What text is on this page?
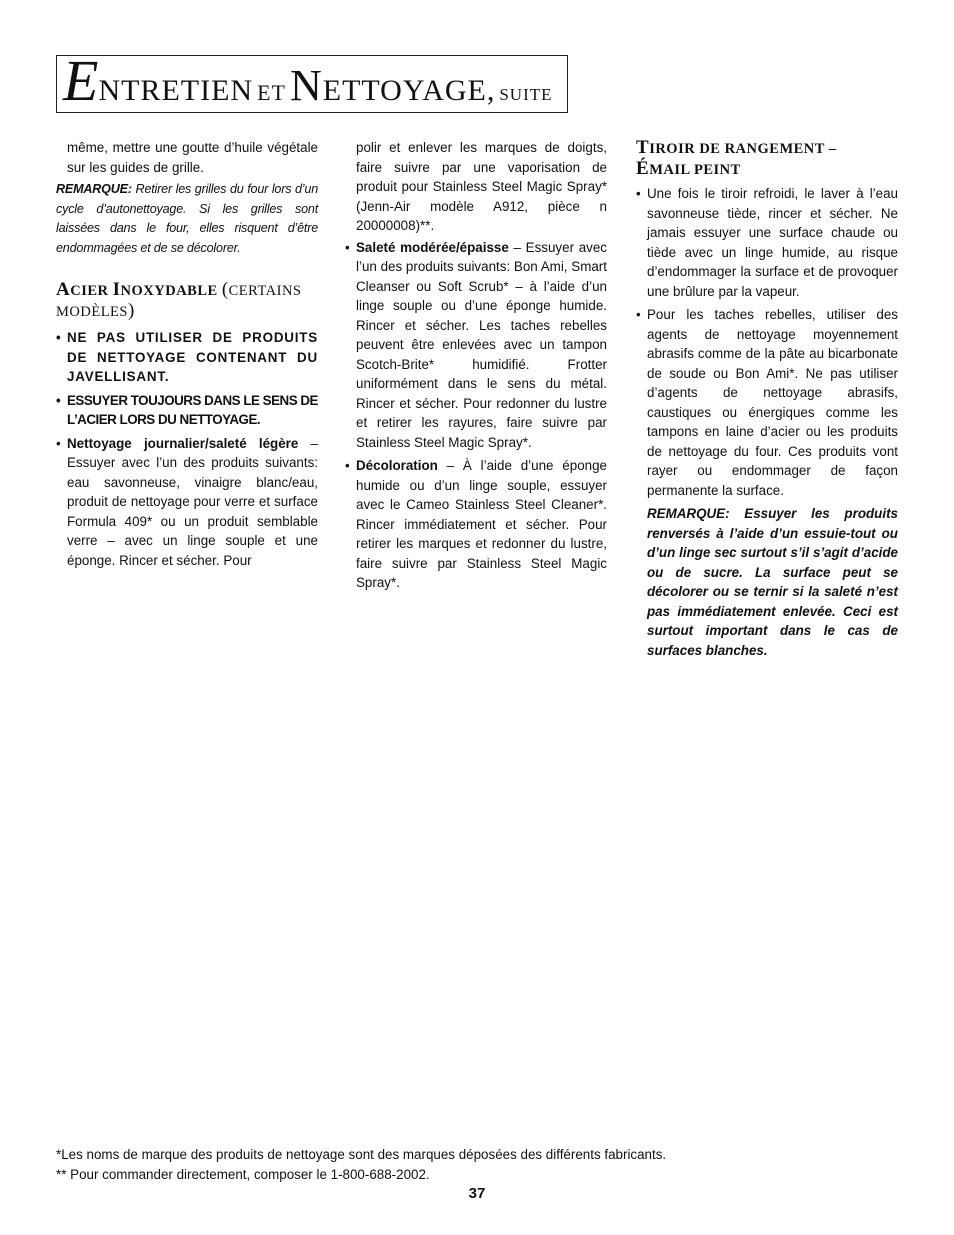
ENTRETIEN ET NETTOYAGE, SUITE

même, mettre une goutte d’huile végétale sur les guides de grille.

REMARQUE: Retirer les grilles du four lors d’un cycle d’autonettoyage. Si les grilles sont laissées dans le four, elles risquent d’être endommagées et de se décolorer.

ACIER INOXYDABLE (CERTAINS
MODÈLES)
• NE PAS UTILISER DE PRODUITS DE NETTOYAGE CONTENANT DU JAVELLISANT.
• ESSUYER TOUJOURS DANS LE SENS DE L’ACIER LORS DU NETTOYAGE.
• Nettoyage journalier/saleté légère – Essuyer avec l’un des produits suivants: eau savonneuse, vinaigre blanc/eau, produit de nettoyage pour verre et surface Formula 409* ou un produit semblable verre – avec un linge souple et une éponge. Rincer et sécher. Pour

polir et enlever les marques de doigts, faire suivre par une vaporisation de produit pour Stainless Steel Magic Spray* (Jenn-Air modèle A912, pièce n 20000008)**.

• Saleté modérée/épaisse – Essuyer avec l’un des produits suivants: Bon Ami, Smart Cleanser ou Soft Scrub* – à l’aide d’un linge souple ou d’une éponge humide. Rincer et sécher. Les taches rebelles peuvent être enlevées avec un tampon Scotch-Brite* humidifié. Frotter uniformément dans le sens du métal. Rincer et sécher. Pour redonner du lustre et retirer les rayures, faire suivre par Stainless Steel Magic Spray*.
• Décoloration – À l’aide d’une éponge humide ou d’un linge souple, essuyer avec le Cameo Stainless Steel Cleaner*. Rincer immédiatement et sécher. Pour retirer les marques et redonner du lustre, faire suivre par Stainless Steel Magic Spray*.
TIROIR DE RANGEMENT –
ÉMAIL PEINT
• Une fois le tiroir refroidi, le laver à l’eau savonneuse tiède, rincer et sécher. Ne jamais essuyer une surface chaude ou tiède avec un linge humide, au risque d’endommager la surface et de provoquer une brûlure par la vapeur.
• Pour les taches rebelles, utiliser des agents de nettoyage moyennement abrasifs comme de la pâte au bicarbonate de soude ou Bon Ami*. Ne pas utiliser d’agents de nettoyage abrasifs, caustiques ou énergiques comme les tampons en laine d’acier ou les produits de nettoyage du four. Ces produits vont rayer ou endommager de façon permanente la surface.

REMARQUE: Essuyer les produits renversés à l’aide d’un essuie-tout ou d’un linge sec surtout s’il s’agit d’acide ou de sucre. La surface peut se décolorer ou se ternir si la saleté n’est pas immédiatement enlevée. Ceci est surtout important dans le cas de surfaces blanches.

*Les noms de marque des produits de nettoyage sont des marques déposées des différents fabricants.
** Pour commander directement, composer le 1-800-688-2002.
37
